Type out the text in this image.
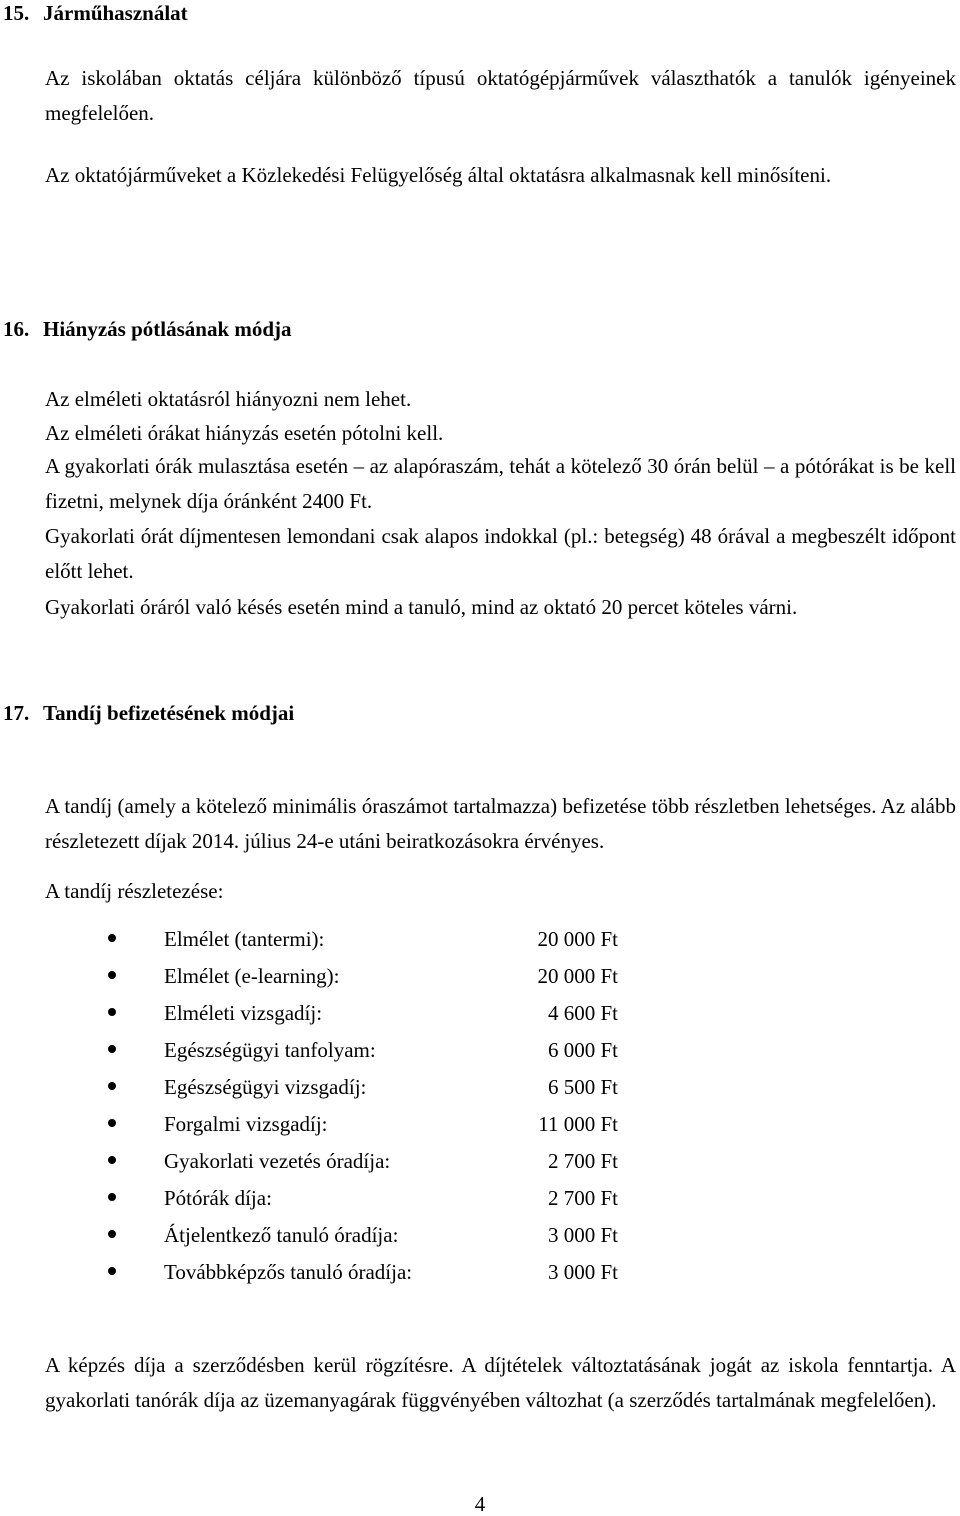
15. Járműhasználat

Az iskolában oktatás céljára különböző típusú oktatógépjárművek választhatók a tanulók igényeinek megfelelően.

Az oktatójárműveket a Közlekedési Felügyelőség által oktatásra alkalmasnak kell minősíteni.

16. Hiányzás pótlásának módja

Az elméleti oktatásról hiányozni nem lehet.

Az elméleti órákat hiányzás esetén pótolni kell.

A gyakorlati órák mulasztása esetén – az alapóraszám, tehát a kötelező 30 órán belül – a pótórákat is be kell fizetni, melynek díja óránként 2400 Ft.

Gyakorlati órát díjmentesen lemondani csak alapos indokkal (pl.: betegség) 48 órával a megbeszélt időpont előtt lehet.

Gyakorlati óráról való késés esetén mind a tanuló, mind az oktató 20 percet köteles várni.

17. Tandíj befizetésének módjai

A tandíj (amely a kötelező minimális óraszámot tartalmazza) befizetése több részletben lehetséges. Az alább részletezett díjak 2014. július 24-e utáni beiratkozásokra érvényes.

A tandíj részletezése:

Elmélet (tantermi):	20 000 Ft
Elmélet (e-learning):	20 000 Ft
Elméleti vizsgadíj:	4 600 Ft
Egészségügyi tanfolyam:	6 000 Ft
Egészségügyi vizsgadíj:	6 500 Ft
Forgalmi vizsgadíj:	11 000 Ft
Gyakorlati vezetés óradíja:	2 700 Ft
Pótórák díja:	2 700 Ft
Átjelentkező tanuló óradíja:	3 000 Ft
Továbbképzős tanuló óradíja:	3 000 Ft

A képzés díja a szerződésben kerül rögzítésre. A díjtételek változtatásának jogát az iskola fenntartja. A gyakorlati tanórák díja az üzemanyagárak függvényében változhat (a szerződés tartalmának megfelelően).

4
